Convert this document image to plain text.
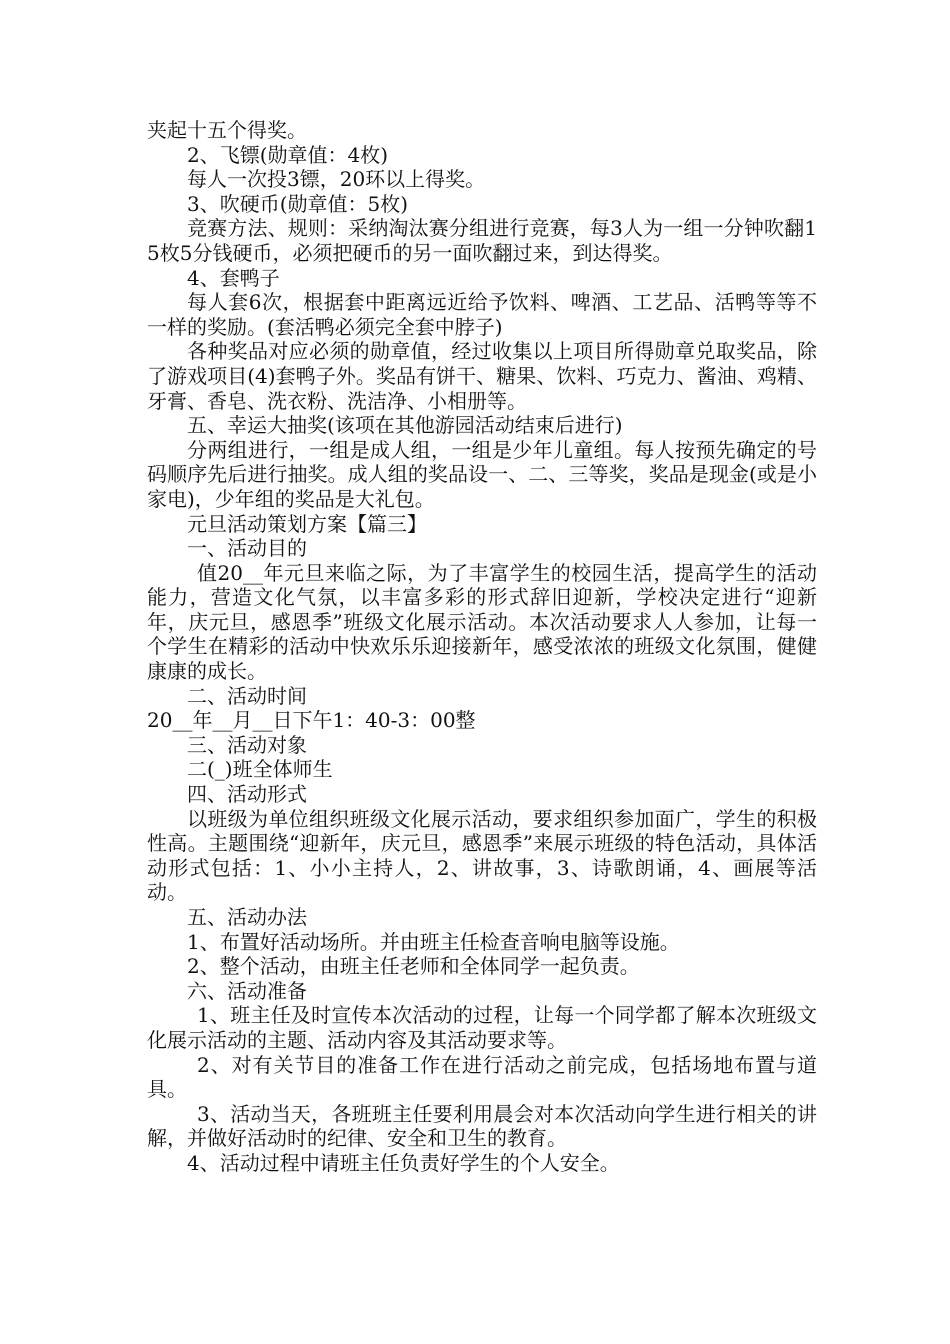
夹起十五个得奖。

2、飞镖(勋章值：4枚)

每人一次投3镖，20环以上得奖。

3、吹硬币(勋章值：5枚)

竞赛方法、规则：采纳淘汰赛分组进行竞赛，每3人为一组一分钟吹翻15枚5分钱硬币，必须把硬币的另一面吹翻过来，到达得奖。

4、套鸭子

每人套6次，根据套中距离远近给予饮料、啤酒、工艺品、活鸭等等不一样的奖励。(套活鸭必须完全套中脖子)

各种奖品对应必须的勋章值，经过收集以上项目所得勋章兑取奖品，除了游戏项目(4)套鸭子外。奖品有饼干、糖果、饮料、巧克力、酱油、鸡精、牙膏、香皂、洗衣粉、洗洁净、小相册等。

五、幸运大抽奖(该项在其他游园活动结束后进行)

分两组进行，一组是成人组，一组是少年儿童组。每人按预先确定的号码顺序先后进行抽奖。成人组的奖品设一、二、三等奖，奖品是现金(或是小家电)，少年组的奖品是大礼包。

元旦活动策划方案【篇三】

一、活动目的

值20__年元旦来临之际，为了丰富学生的校园生活，提高学生的活动能力，营造文化气氛，以丰富多彩的形式辞旧迎新，学校决定进行“迎新年，庆元旦，感恩季”班级文化展示活动。本次活动要求人人参加，让每一个学生在精彩的活动中快欢乐乐迎接新年，感受浓浓的班级文化氛围，健健康康的成长。

二、活动时间

20__年__月__日下午1：40-3：00整

三、活动对象

二(_)班全体师生

四、活动形式

以班级为单位组织班级文化展示活动，要求组织参加面广，学生的积极性高。主题围绕“迎新年，庆元旦，感恩季”来展示班级的特色活动，具体活动形式包括：1、小小主持人，2、讲故事，3、诗歌朗诵，4、画展等活动。

五、活动办法

1、布置好活动场所。并由班主任检查音响电脑等设施。

2、整个活动，由班主任老师和全体同学一起负责。

六、活动准备

1、班主任及时宣传本次活动的过程，让每一个同学都了解本次班级文化展示活动的主题、活动内容及其活动要求等。

2、对有关节目的准备工作在进行活动之前完成，包括场地布置与道具。

3、活动当天，各班班主任要利用晨会对本次活动向学生进行相关的讲解，并做好活动时的纪律、安全和卫生的教育。

4、活动过程中请班主任负责好学生的个人安全。
